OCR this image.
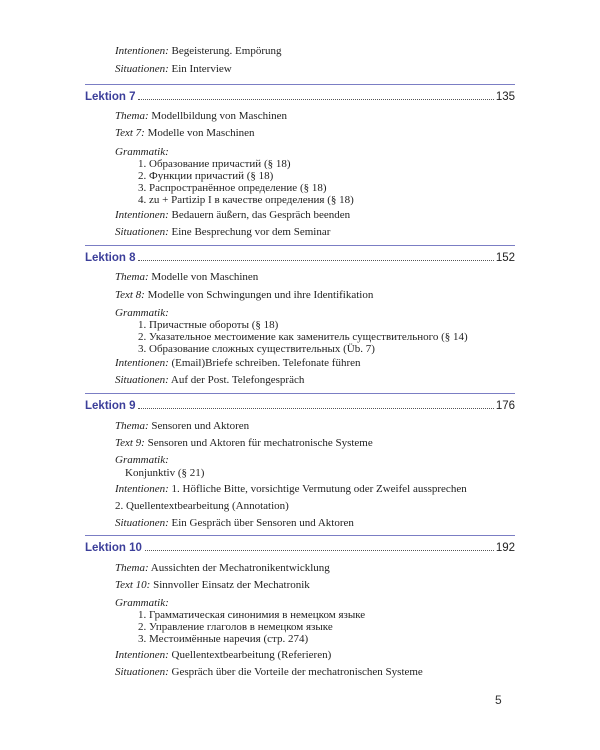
Intentionen: Begeisterung. Empörung
Situationen: Ein Interview
Lektion 7	135
Thema: Modellbildung von Maschinen
Text 7: Modelle von Maschinen
Grammatik:
1. Образование причастий (§ 18)
2. Функции причастий (§ 18)
3. Распространённое определение (§ 18)
4. zu + Partizip I в качестве определения (§ 18)
Intentionen: Bedauern äußern, das Gespräch beenden
Situationen: Eine Besprechung vor dem Seminar
Lektion 8	152
Thema: Modelle von Maschinen
Text 8: Modelle von Schwingungen und ihre Identifikation
Grammatik:
1. Причастные обороты (§ 18)
2. Указательное местоимение как заменитель существительного (§ 14)
3. Образование сложных существительных (Üb. 7)
Intentionen: (Email)Briefe schreiben. Telefonate führen
Situationen: Auf der Post. Telefongespräch
Lektion 9	176
Thema: Sensoren und Aktoren
Text 9: Sensoren und Aktoren für mechatronische Systeme
Grammatik:
Konjunktiv (§ 21)
Intentionen: 1. Höfliche Bitte, vorsichtige Vermutung oder Zweifel aussprechen
2. Quellentextbearbeitung (Annotation)
Situationen: Ein Gespräch über Sensoren und Aktoren
Lektion 10	192
Thema: Aussichten der Mechatronikentwicklung
Text 10: Sinnvoller Einsatz der Mechatronik
Grammatik:
1. Грамматическая синонимия в немецком языке
2. Управление глаголов в немецком языке
3. Местоимённые наречия (стр. 274)
Intentionen: Quellentextbearbeitung (Referieren)
Situationen: Gespräch über die Vorteile der mechatronischen Systeme
5
